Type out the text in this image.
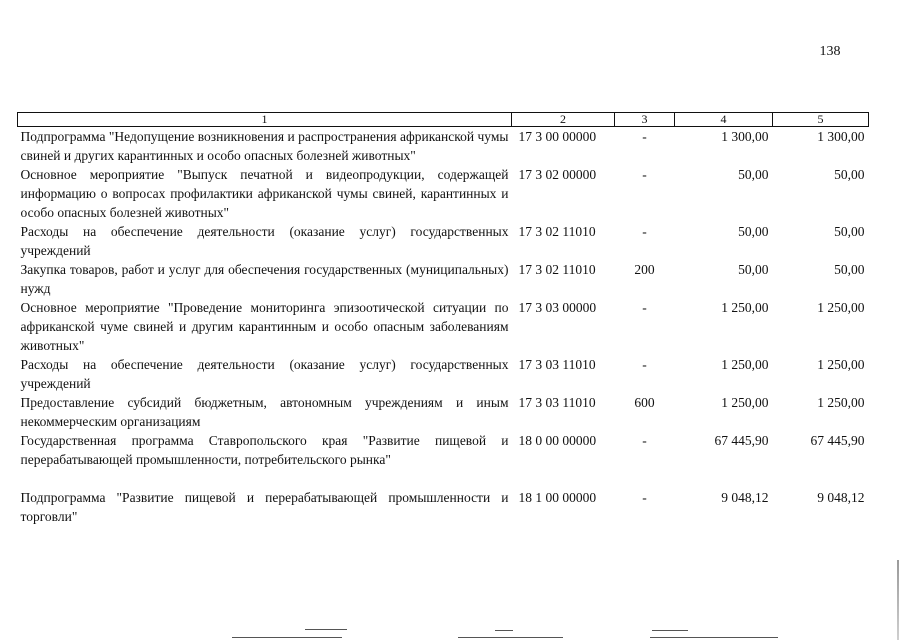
138
1	2	3	4	5
Подпрограмма "Недопущение возникновения и распространения африканской чумы свиней и других карантинных и особо опасных болезней животных"	17 3 00 00000	-	1 300,00	1 300,00
Основное мероприятие "Выпуск печатной и видеопродукции, содержащей информацию о вопросах профилактики африканской чумы свиней, карантинных и особо опасных болезней животных"	17 3 02 00000	-	50,00	50,00
Расходы на обеспечение деятельности (оказание услуг) государственных учреждений	17 3 02 11010	-	50,00	50,00
Закупка товаров, работ и услуг для обеспечения государственных (муниципальных) нужд	17 3 02 11010	200	50,00	50,00
Основное мероприятие "Проведение мониторинга эпизоотической ситуации по африканской чуме свиней и другим карантинным и особо опасным заболеваниям животных"	17 3 03 00000	-	1 250,00	1 250,00
Расходы на обеспечение деятельности (оказание услуг) государственных учреждений	17 3 03 11010	-	1 250,00	1 250,00
Предоставление субсидий бюджетным, автономным учреждениям и иным некоммерческим организациям	17 3 03 11010	600	1 250,00	1 250,00
Государственная программа Ставропольского края "Развитие пищевой и перерабатывающей промышленности, потребительского рынка"	18 0 00 00000	-	67 445,90	67 445,90

Подпрограмма "Развитие пищевой и перерабатывающей промышленности и торговли"	18 1 00 00000	-	9 048,12	9 048,12
